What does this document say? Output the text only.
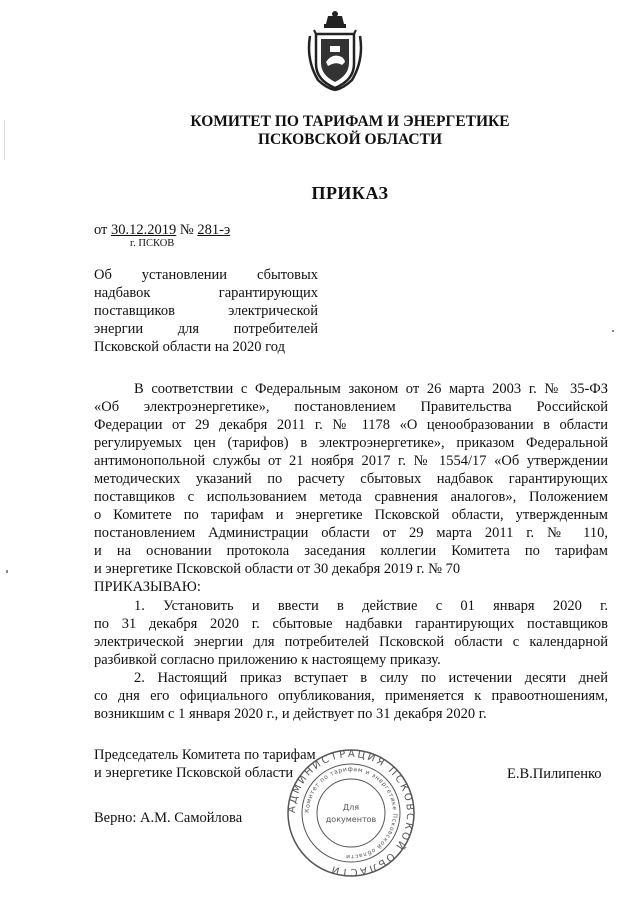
КОМИТЕТ ПО ТАРИФАМ И ЭНЕРГЕТИКЕ
ПСКОВСКОЙ ОБЛАСТИ
ПРИКАЗ
от 30.12.2019 № 281-э
г. ПСКОВ
Об установлении сбытовых
надбавок гарантирующих
поставщиков электрической
энергии для потребителей
Псковской области на 2020 год
В соответствии с Федеральным законом от 26 марта 2003 г. № 35-ФЗ
«Об электроэнергетике», постановлением Правительства Российской
Федерации от 29 декабря 2011 г. № 1178 «О ценообразовании в области
регулируемых цен (тарифов) в электроэнергетике», приказом Федеральной
антимонопольной службы от 21 ноября 2017 г. № 1554/17 «Об утверждении
методических указаний по расчету сбытовых надбавок гарантирующих
поставщиков с использованием метода сравнения аналогов», Положением
о Комитете по тарифам и энергетике Псковской области, утвержденным
постановлением Администрации области от 29 марта 2011 г. № 110,
и на основании протокола заседания коллегии Комитета по тарифам
и энергетике Псковской области от 30 декабря 2019 г. № 70
ПРИКАЗЫВАЮ:
1. Установить и ввести в действие с 01 января 2020 г.
по 31 декабря 2020 г. сбытовые надбавки гарантирующих поставщиков
электрической энергии для потребителей Псковской области с календарной
разбивкой согласно приложению к настоящему приказу.
2. Настоящий приказ вступает в силу по истечении десяти дней
со дня его официального опубликования, применяется к правоотношениям,
возникшим с 1 января 2020 г., и действует по 31 декабря 2020 г.
Председатель Комитета по тарифам
и энергетике Псковской области	Е.В.Пилипенко
Верно: А.М. Самойлова
АДМИНИСТРАЦИЯ ПСКОВСКОЙ ОБЛАСТИ
Комитет по тарифам и энергетике Псковской области
Для
документов
